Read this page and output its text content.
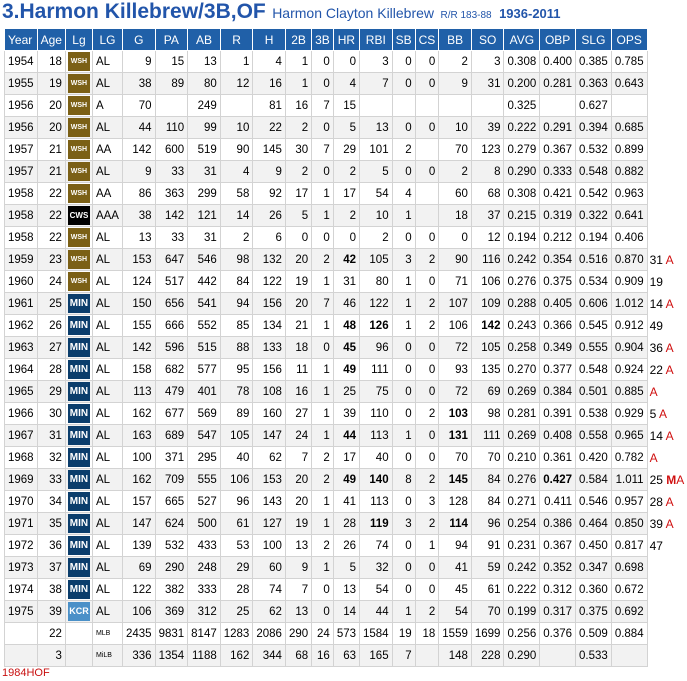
3.Harmon Killebrew/3B,OF Harmon Clayton Killebrew R/R 183-88 1936-2011
Year	Age	Lg	LG	G	PA	AB	R	H	2B	3B	HR	RBI	SB	CS	BB	SO	AVG	OBP	SLG	OPS	
1954	18	WSH	AL	9	15	13	1	4	1	0	0	3	0	0	2	3	0.308	0.400	0.385	0.785	
1955	19	WSH	AL	38	89	80	12	16	1	0	4	7	0	0	9	31	0.200	0.281	0.363	0.643	
1956	20	WSH	A	70		249		81	16	7	15						0.325		0.627		
1956	20	WSH	AL	44	110	99	10	22	2	0	5	13	0	0	10	39	0.222	0.291	0.394	0.685	
1957	21	WSH	AA	142	600	519	90	145	30	7	29	101	2		70	123	0.279	0.367	0.532	0.899	
1957	21	WSH	AL	9	33	31	4	9	2	0	2	5	0	0	2	8	0.290	0.333	0.548	0.882	
1958	22	WSH	AA	86	363	299	58	92	17	1	17	54	4		60	68	0.308	0.421	0.542	0.963	
1958	22	CWS	AAA	38	142	121	14	26	5	1	2	10	1		18	37	0.215	0.319	0.322	0.641	
1958	22	WSH	AL	13	33	31	2	6	0	0	0	2	0	0	0	12	0.194	0.212	0.194	0.406	
1959	23	WSH	AL	153	647	546	98	132	20	2	42	105	3	2	90	116	0.242	0.354	0.516	0.870	31 A
1960	24	WSH	AL	124	517	442	84	122	19	1	31	80	1	0	71	106	0.276	0.375	0.534	0.909	19
1961	25	MIN	AL	150	656	541	94	156	20	7	46	122	1	2	107	109	0.288	0.405	0.606	1.012	14 A
1962	26	MIN	AL	155	666	552	85	134	21	1	48	126	1	2	106	142	0.243	0.366	0.545	0.912	49
1963	27	MIN	AL	142	596	515	88	133	18	0	45	96	0	0	72	105	0.258	0.349	0.555	0.904	36 A
1964	28	MIN	AL	158	682	577	95	156	11	1	49	111	0	0	93	135	0.270	0.377	0.548	0.924	22 A
1965	29	MIN	AL	113	479	401	78	108	16	1	25	75	0	0	72	69	0.269	0.384	0.501	0.885	A
1966	30	MIN	AL	162	677	569	89	160	27	1	39	110	0	2	103	98	0.281	0.391	0.538	0.929	5 A
1967	31	MIN	AL	163	689	547	105	147	24	1	44	113	1	0	131	111	0.269	0.408	0.558	0.965	14 A
1968	32	MIN	AL	100	371	295	40	62	7	2	17	40	0	0	70	70	0.210	0.361	0.420	0.782	A
1969	33	MIN	AL	162	709	555	106	153	20	2	49	140	8	2	145	84	0.276	0.427	0.584	1.011	25 MA
1970	34	MIN	AL	157	665	527	96	143	20	1	41	113	0	3	128	84	0.271	0.411	0.546	0.957	28 A
1971	35	MIN	AL	147	624	500	61	127	19	1	28	119	3	2	114	96	0.254	0.386	0.464	0.850	39 A
1972	36	MIN	AL	139	532	433	53	100	13	2	26	74	0	1	94	91	0.231	0.367	0.450	0.817	47
1973	37	MIN	AL	69	290	248	29	60	9	1	5	32	0	0	41	59	0.242	0.352	0.347	0.698	
1974	38	MIN	AL	122	382	333	28	74	7	0	13	54	0	0	45	61	0.222	0.312	0.360	0.672	
1975	39	KCR	AL	106	369	312	25	62	13	0	14	44	1	2	54	70	0.199	0.317	0.375	0.692	
	22		MLB	2435	9831	8147	1283	2086	290	24	573	1584	19	18	1559	1699	0.256	0.376	0.509	0.884	
	3		MiLB	336	1354	1188	162	344	68	16	63	165	7		148	228	0.290		0.533		
1984HOF
